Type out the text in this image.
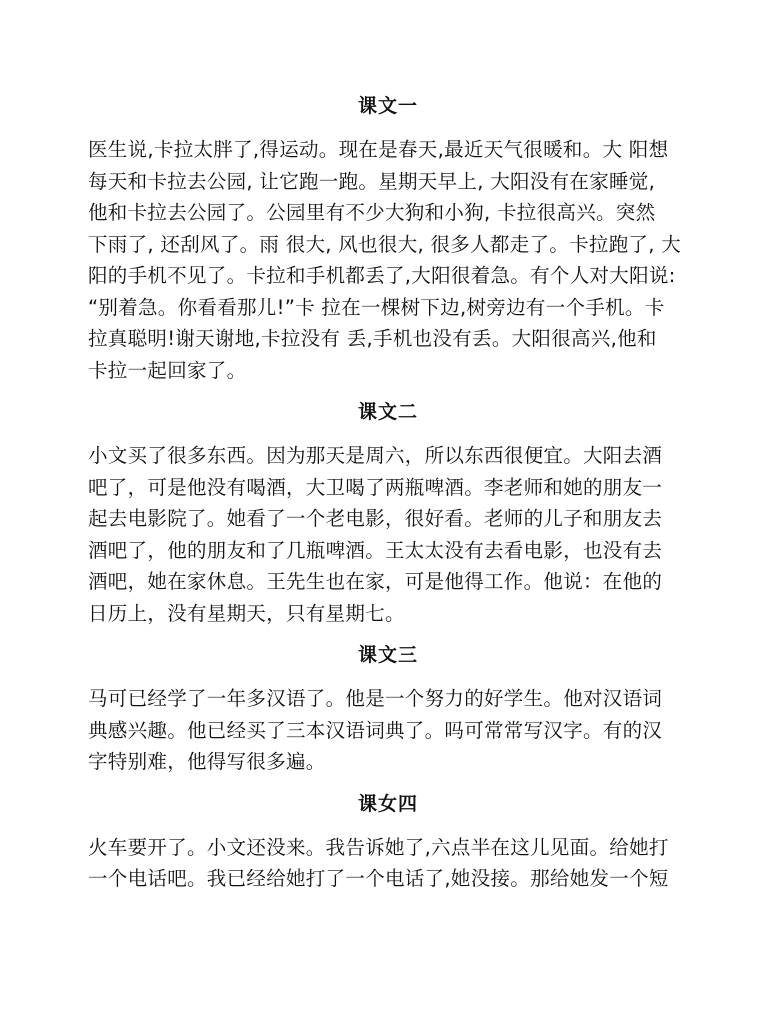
课文一

医生说,卡拉太胖了,得运动。现在是春天,最近天气很暖和。大 阳想
每天和卡拉去公园, 让它跑一跑。星期天早上, 大阳没有在家睡觉,
他和卡拉去公园了。公园里有不少大狗和小狗, 卡拉很高兴。突然
下雨了, 还刮风了。雨 很大, 风也很大, 很多人都走了。卡拉跑了, 大
阳的手机不见了。卡拉和手机都丢了,大阳很着急。有个人对大阳说:
“别着急。你看看那儿!”卡 拉在一棵树下边,树旁边有一个手机。卡
拉真聪明!谢天谢地,卡拉没有 丢,手机也没有丢。大阳很高兴,他和
卡拉一起回家了。

课文二

小文买了很多东西。因为那天是周六，所以东西很便宜。大阳去酒
吧了，可是他没有喝酒，大卫喝了两瓶啤酒。李老师和她的朋友一
起去电影院了。她看了一个老电影，很好看。老师的儿子和朋友去
酒吧了，他的朋友和了几瓶啤酒。王太太没有去看电影，也没有去
酒吧，她在家休息。王先生也在家，可是他得工作。他说：在他的
日历上，没有星期天，只有星期七。

课文三

马可已经学了一年多汉语了。他是一个努力的好学生。他对汉语词
典感兴趣。他已经买了三本汉语词典了。吗可常常写汉字。有的汉
字特别难，他得写很多遍。

课女四

火车要开了。小文还没来。我告诉她了,六点半在这儿见面。给她打
一个电话吧。我已经给她打了一个电话了,她没接。那给她发一个短
